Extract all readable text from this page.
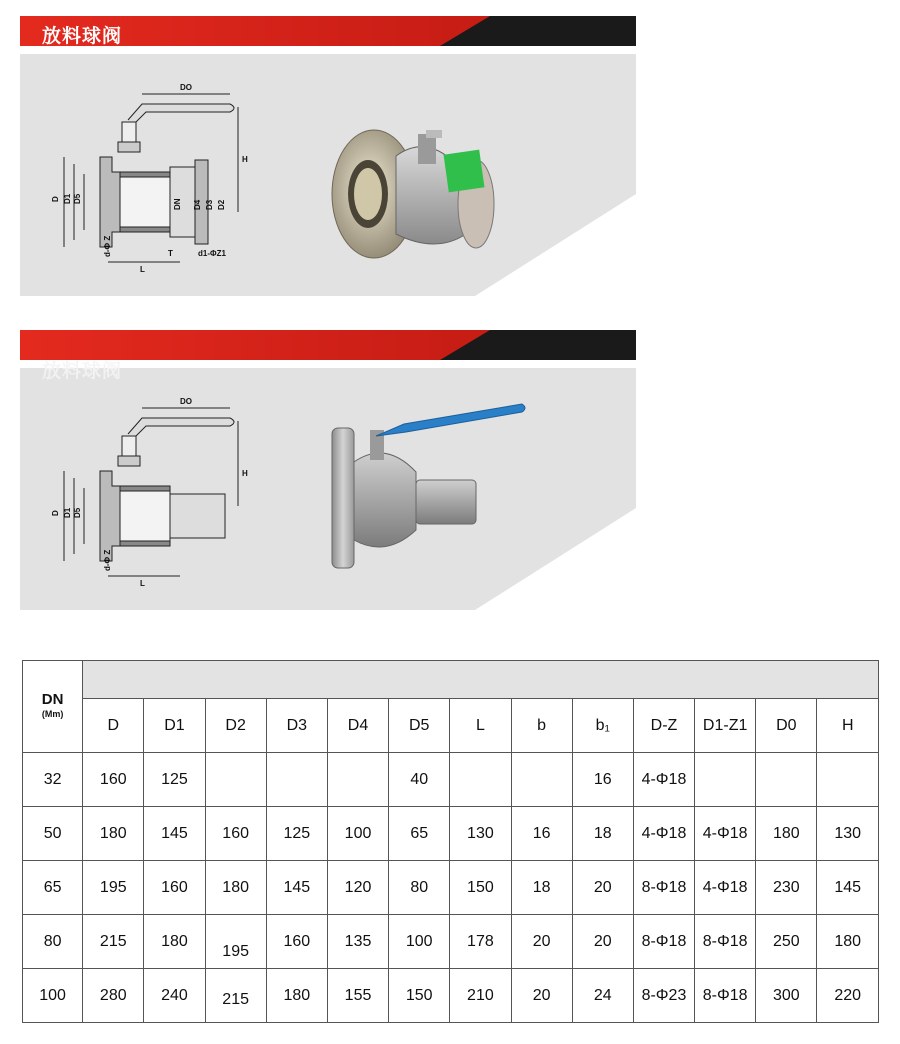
放料球阀
DO
H
D D1 D5	DN D4 D3 D2
d-Φ Z
L
T	d1-ΦZ1
放料球阀
DO
H
D D1 D5
d-Φ Z
L
DN
(Mm)													

	D	D1	D2	D3	D4	D5	L	b	b₁	D-Z	D1-Z1	D0	H
32	160	125				40			16	4-Φ18			
50	180	145	160	125	100	65	130	16	18	4-Φ18	4-Φ18	180	130
65	195	160	180	145	120	80	150	18	20	8-Φ18	4-Φ18	230	145
80	215	180	195	160	135	100	178	20	20	8-Φ18	8-Φ18	250	180
100	280	240	215	180	155	150	210	20	24	8-Φ23	8-Φ18	300	220
